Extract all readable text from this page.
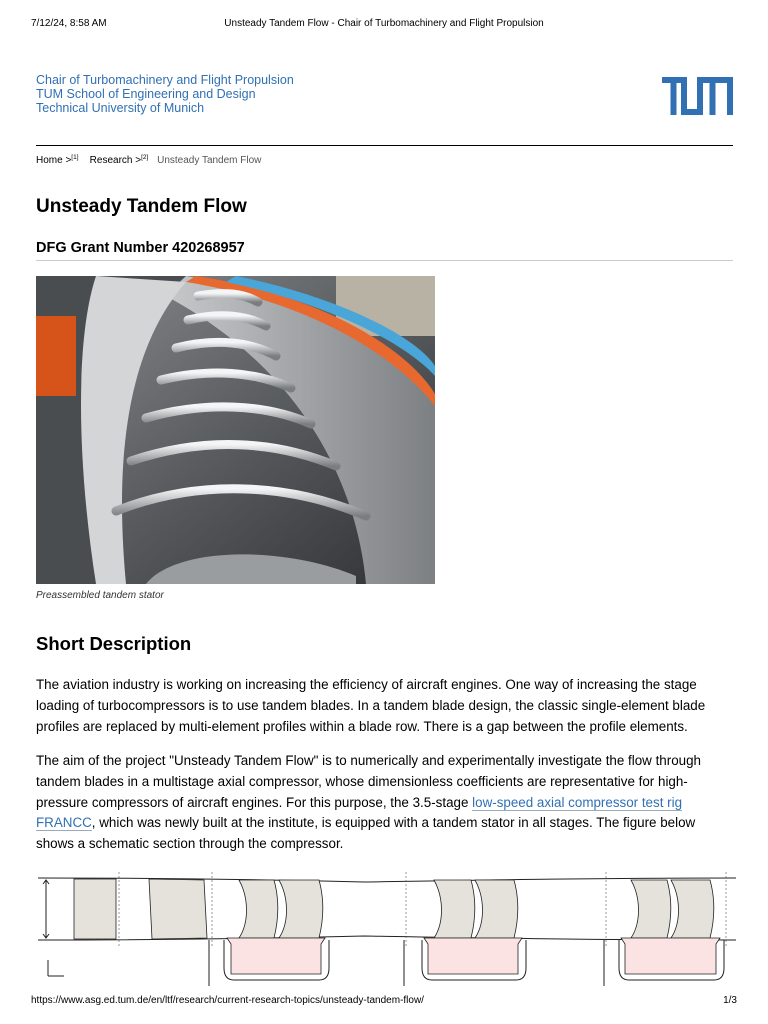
7/12/24, 8:58 AM	Unsteady Tandem Flow - Chair of Turbomachinery and Flight Propulsion
Chair of Turbomachinery and Flight Propulsion
TUM School of Engineering and Design
Technical University of Munich
Home >[1] Research >[2] Unsteady Tandem Flow
Unsteady Tandem Flow
DFG Grant Number 420268957
Preassembled tandem stator
Short Description

The aviation industry is working on increasing the efficiency of aircraft engines. One way of increasing the stage loading of turbocompressors is to use tandem blades. In a tandem blade design, the classic single-element blade profiles are replaced by multi-element profiles within a blade row. There is a gap between the profile elements.

The aim of the project "Unsteady Tandem Flow" is to numerically and experimentally investigate the flow through tandem blades in a multistage axial compressor, whose dimensionless coefficients are representative for high-pressure compressors of aircraft engines. For this purpose, the 3.5-stage low-speed axial compressor test rig FRANCC, which was newly built at the institute, is equipped with a tandem stator in all stages. The figure below shows a schematic section through the compressor.

https://www.asg.ed.tum.de/en/ltf/research/current-research-topics/unsteady-tandem-flow/	1/3
